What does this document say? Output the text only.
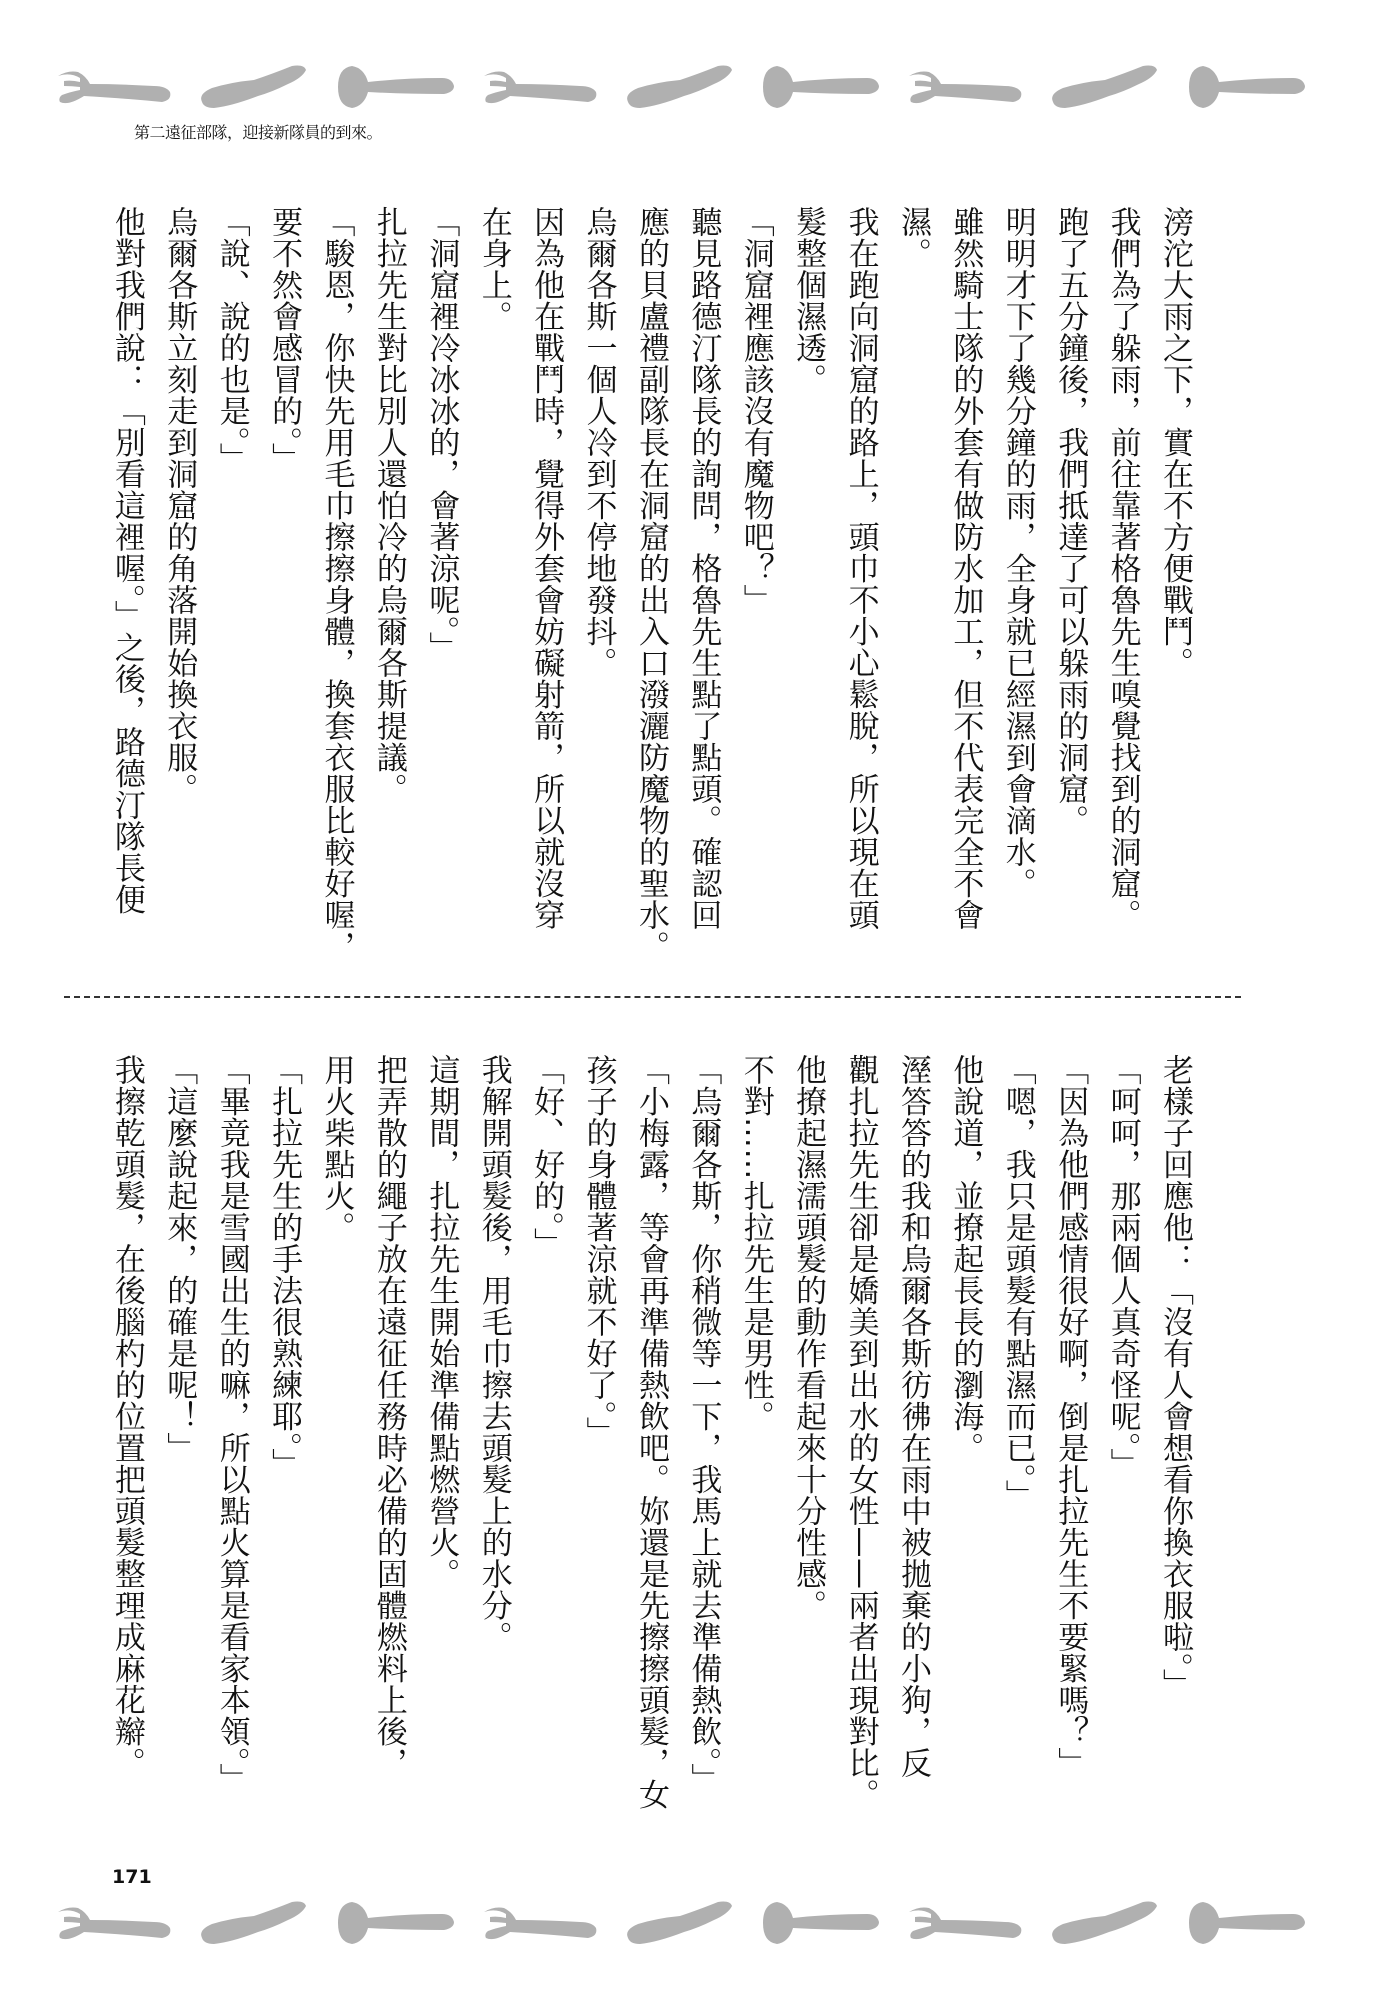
第二遠征部隊，迎接新隊員的到來。

滂沱大雨之下，實在不方便戰鬥。

我們為了躲雨，前往靠著格魯先生嗅覺找到的洞窟。

跑了五分鐘後，我們抵達了可以躲雨的洞窟。

明明才下了幾分鐘的雨，全身就已經濕到會滴水。

雖然騎士隊的外套有做防水加工，但不代表完全不會

濕。

我在跑向洞窟的路上，頭巾不小心鬆脫，所以現在頭

髮整個濕透。

「洞窟裡應該沒有魔物吧？」

聽見路德汀隊長的詢問，格魯先生點了點頭。確認回

應的貝盧禮副隊長在洞窟的出入口潑灑防魔物的聖水。

烏爾各斯一個人冷到不停地發抖。

因為他在戰鬥時，覺得外套會妨礙射箭，所以就沒穿

在身上。

「洞窟裡冷冰冰的，會著涼呢。」

扎拉先生對比別人還怕冷的烏爾各斯提議。

「駿恩，你快先用毛巾擦擦身體，換套衣服比較好喔，

要不然會感冒的。」

「說、說的也是。」

烏爾各斯立刻走到洞窟的角落開始換衣服。

他對我們說：「別看這裡喔。」之後，路德汀隊長便

老樣子回應他：「沒有人會想看你換衣服啦。」

「呵呵，那兩個人真奇怪呢。」

「因為他們感情很好啊，倒是扎拉先生不要緊嗎？」

「嗯，我只是頭髮有點濕而已。」

他說道，並撩起長長的瀏海。

溼答答的我和烏爾各斯彷彿在雨中被拋棄的小狗，反

觀扎拉先生卻是嬌美到出水的女性——兩者出現對比。

他撩起濕濡頭髮的動作看起來十分性感。

不對……扎拉先生是男性。

「烏爾各斯，你稍微等一下，我馬上就去準備熱飲。」

「小梅露，等會再準備熱飲吧。妳還是先擦擦頭髮，女

孩子的身體著涼就不好了。」

「好、好的。」

我解開頭髮後，用毛巾擦去頭髮上的水分。

這期間，扎拉先生開始準備點燃營火。

把弄散的繩子放在遠征任務時必備的固體燃料上後，

用火柴點火。

「扎拉先生的手法很熟練耶。」

「畢竟我是雪國出生的嘛，所以點火算是看家本領。」

「這麼說起來，的確是呢！」

我擦乾頭髮，在後腦杓的位置把頭髮整理成麻花辮。

171
